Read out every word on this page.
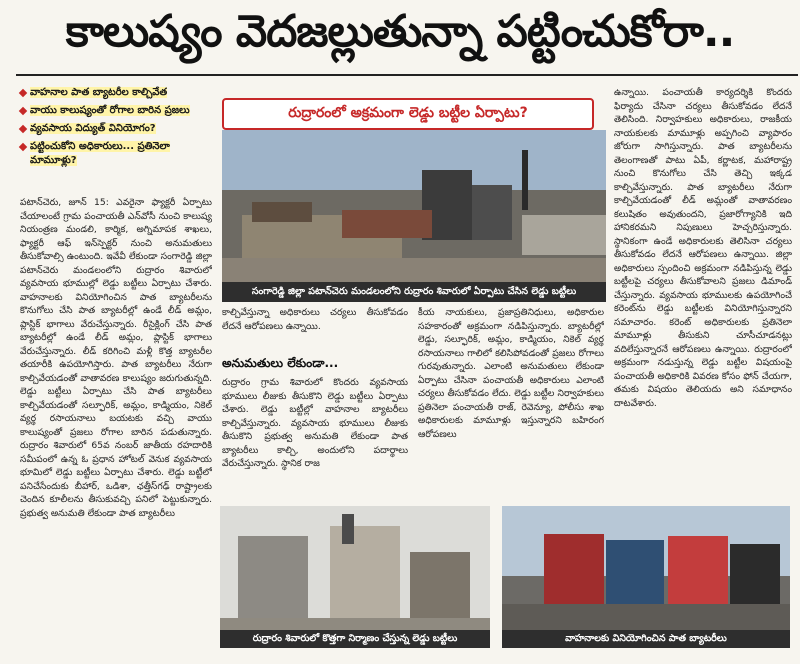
కాలుష్యం వెదజల్లుతున్నా పట్టించుకోరా..
వాహనాల పాత బ్యాటరీల కాల్చివేత
వాయు కాలుష్యంతో రోగాల బారిన ప్రజలు
వ్యవసాయ విద్యుత్ వినియోగం?
పట్టించుకోని అధికారులు... ప్రతినెలా మామూళ్లు?
రుద్రారంలో అక్రమంగా లెడ్డు బట్టీల ఏర్పాటు?
సంగారెడ్డి జిల్లా పటాన్‌చెరు మండలంలోని రుద్రారం శివారులో ఏర్పాటు చేసిన లెడ్డు బట్టీలు

పటాన్‌చెరు, జూన్ 15: ఎవరైనా ఫ్యాక్టరీ ఏర్పాటు చేయాలంటే గ్రామ పంచాయతీ ఎన్‌వోసీ నుంచి కాలుష్య నియంత్రణ మండలి, కార్మిక, అగ్నిమాపక శాఖలు, ఫ్యాక్టరీ ఆఫ్ ఇన్‌స్పెక్టర్ నుంచి అనుమతులు తీసుకోవాల్సి ఉంటుంది. ఇవేవీ లేకుండా సంగారెడ్డి జిల్లా పటాన్‌చెరు మండలంలోని రుద్రారం శివారులో వ్యవసాయ భూముల్లో లెడ్డు బట్టీలు ఏర్పాటు చేశారు. వాహనాలకు వినియోగించిన పాత బ్యాటరీలను కొనుగోలు చేసి పాత బ్యాటరీల్లో ఉండే లీడ్ అమ్లం, ప్లాస్టిక్ భాగాలు వేరుచేస్తున్నారు. రీసైక్లింగ్ చేసి పాత బ్యాటరీల్లో ఉండే లీడ్ అమ్లం, ప్లాస్టిక్ భాగాలు వేరుచేస్తున్నారు. లీడ్ కరిగించి మళ్లీ కొత్త బ్యాటరీల తయారీకి ఉపయోగిస్తారు. పాత బ్యాటరీలు నేరుగా కాల్చివేయడంతో వాతావరణ కాలుష్యం జరుగుతున్నది. లెడ్డు బట్టీలు ఏర్పాటు చేసి పాత బ్యాటరీలు కాల్చివేయడంతో సల్ఫూరిక్, అమ్లం, కాడ్మియం, నికెల్ వ్యర్థ రసాయనాలు బయటకు వచ్చి వాయు కాలుష్యంతో ప్రజలు రోగాల బారిన పడుతున్నారు. రుద్రారం శివారులో 65వ నంబర్ జాతీయ రహదారికి సమీపంలో ఉన్న ఓ ప్రధాన హోటల్ వెనుక వ్యవసాయ భూమిలో లెడ్డు బట్టీలు ఏర్పాటు చేశారు. లెడ్డు బట్టీలో పనిచేసేందుకు బీహార్, ఒడిశా, ఛత్తీస్‌గఢ్ రాష్ట్రాలకు చెందిన కూలీలను తీసుకువచ్చి పనిలో పెట్టుకున్నారు. ప్రభుత్వ అనుమతి లేకుండా పాత బ్యాటరీలు

కాల్చివేస్తున్నా అధికారులు చర్యలు తీసుకోవడం లేదనే ఆరోపణలు ఉన్నాయి.

అనుమతులు లేకుండా...

రుద్రారం గ్రామ శివారులో కొందరు వ్యవసాయ భూములు లీజుకు తీసుకొని లెడ్డు బట్టీలు ఏర్పాటు చేశారు. లెడ్డు బట్టీల్లో వాహనాల బ్యాటరీలు కాల్చివేస్తున్నారు. వ్యవసాయ భూములు లీజుకు తీసుకొని ప్రభుత్వ అనుమతి లేకుండా పాత బ్యాటరీలు కాల్చి, అందులోని పదార్థాలు వేరుచేస్తున్నారు. స్థానిక రాజ

కీయ నాయకులు, ప్రజాప్రతినిధులు, అధికారుల సహకారంతో అక్రమంగా నడిపిస్తున్నారు. బ్యాటరీల్లో లెడ్డు, సల్ఫూరిక్, అమ్లం, కాడ్మియం, నికెల్ వ్యర్థ రసాయనాలు గాలిలో కలిసిపోవడంతో ప్రజలు రోగాలు గురవుతున్నారు. ఎలాంటి అనుమతులు లేకుండా ఏర్పాటు చేసినా పంచాయతీ అధికారులు ఎలాంటి చర్యలు తీసుకోవడం లేదు. లెడ్డు బట్టీల నిర్వాహకులు ప్రతినెలా పంచాయతీ రాజ్, రెవెన్యూ, పోలీసు శాఖ అధికారులకు మామూళ్లు ఇస్తున్నారని బహిరంగ ఆరోపణలు

ఉన్నాయి. పంచాయతీ కార్యదర్శికి కొందరు ఫిర్యాదు చేసినా చర్యలు తీసుకోవడం లేదనే తెలిసింది. నిర్వాహకులు అధికారులు, రాజకీయ నాయకులకు మామూళ్లు అప్పగించి వ్యాపారం జోరుగా సాగిస్తున్నారు. పాత బ్యాటరీలను తెలంగాణతో పాటు ఏపీ, కర్ణాటక, మహారాష్ట్ర నుంచి కొనుగోలు చేసి తెచ్చి ఇక్కడ కాల్చివేస్తున్నారు. పాత బ్యాటరీలు నేరుగా కాల్చివేయడంతో లీడ్ అమ్లంతో వాతావరణం కలుషితం అవుతుందని, ప్రజారోగ్యానికి ఇది హానికరమని నిపుణులు హెచ్చరిస్తున్నారు. స్థానికంగా ఉండే అధికారులకు తెలిసినా చర్యలు తీసుకోవడం లేదనే ఆరోపణలు ఉన్నాయి. జిల్లా అధికారులు స్పందించి అక్రమంగా నడిపిస్తున్న లెడ్డు బట్టీలపై చర్యలు తీసుకోవాలని ప్రజలు డిమాండ్ చేస్తున్నారు. వ్యవసాయ భూములకు ఉపయోగించే కరెంట్‌ను లెడ్డు బట్టీలకు వినియోగిస్తున్నారని సమాచారం. కరెంట్ అధికారులకు ప్రతినెలా మామూళ్లు తీసుకుని చూసీచూడనట్లు వదిలేస్తున్నారనే ఆరోపణలు ఉన్నాయి. రుద్రారంలో అక్రమంగా నడుస్తున్న లెడ్డు బట్టీల విషయంపై పంచాయతీ అధికారికి వివరణ కోసం ఫోన్ చేయగా, తమకు విషయం తెలియదు అని సమాధానం దాటవేశారు.

రుద్రారం శివారులో కొత్తగా నిర్మాణం చేస్తున్న లెడ్డు బట్టీలు	వాహనాలకు వినియోగించిన పాత బ్యాటరీలు
